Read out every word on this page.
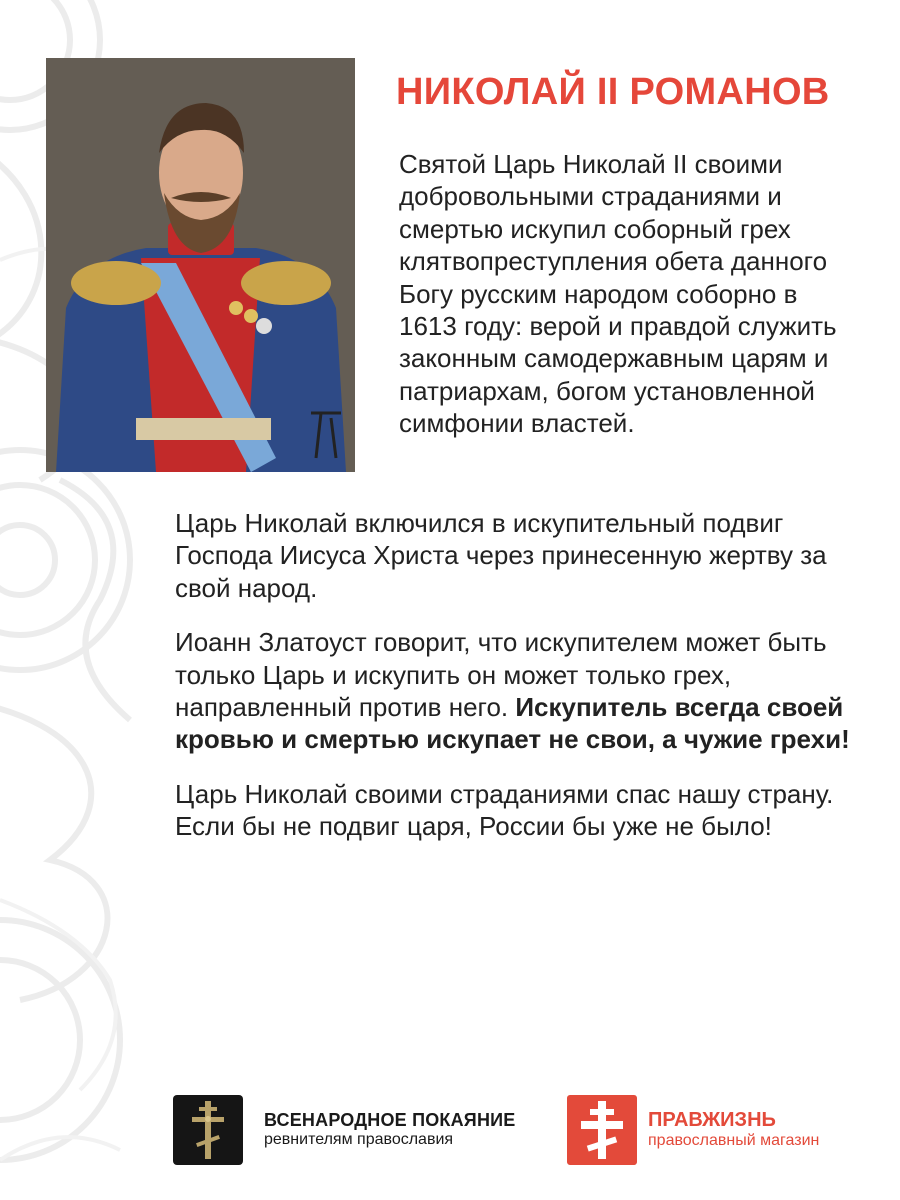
НИКОЛАЙ II РОМАНОВ
Святой Царь Николай II своими добровольными страданиями и смертью искупил соборный грех клятвопреступления обета данного Богу русским народом соборно в 1613 году: верой и правдой служить законным самодержавным царям и патриархам, богом установленной симфонии властей.

Царь Николай включился в искупительный подвиг Господа Иисуса Христа через принесенную жертву за свой народ.

Иоанн Златоуст говорит, что искупителем может быть только Царь и искупить он может только грех, направленный против него. Искупитель всегда своей кровью и смертью искупает не свои, а чужие грехи!

Царь Николай своими страданиями спас нашу страну. Если бы не подвиг царя, России бы уже не было!

ВСЕНАРОДНОЕ ПОКАЯНИЕ
ревнителям православия
ПРАВЖИЗНЬ
православный магазин
